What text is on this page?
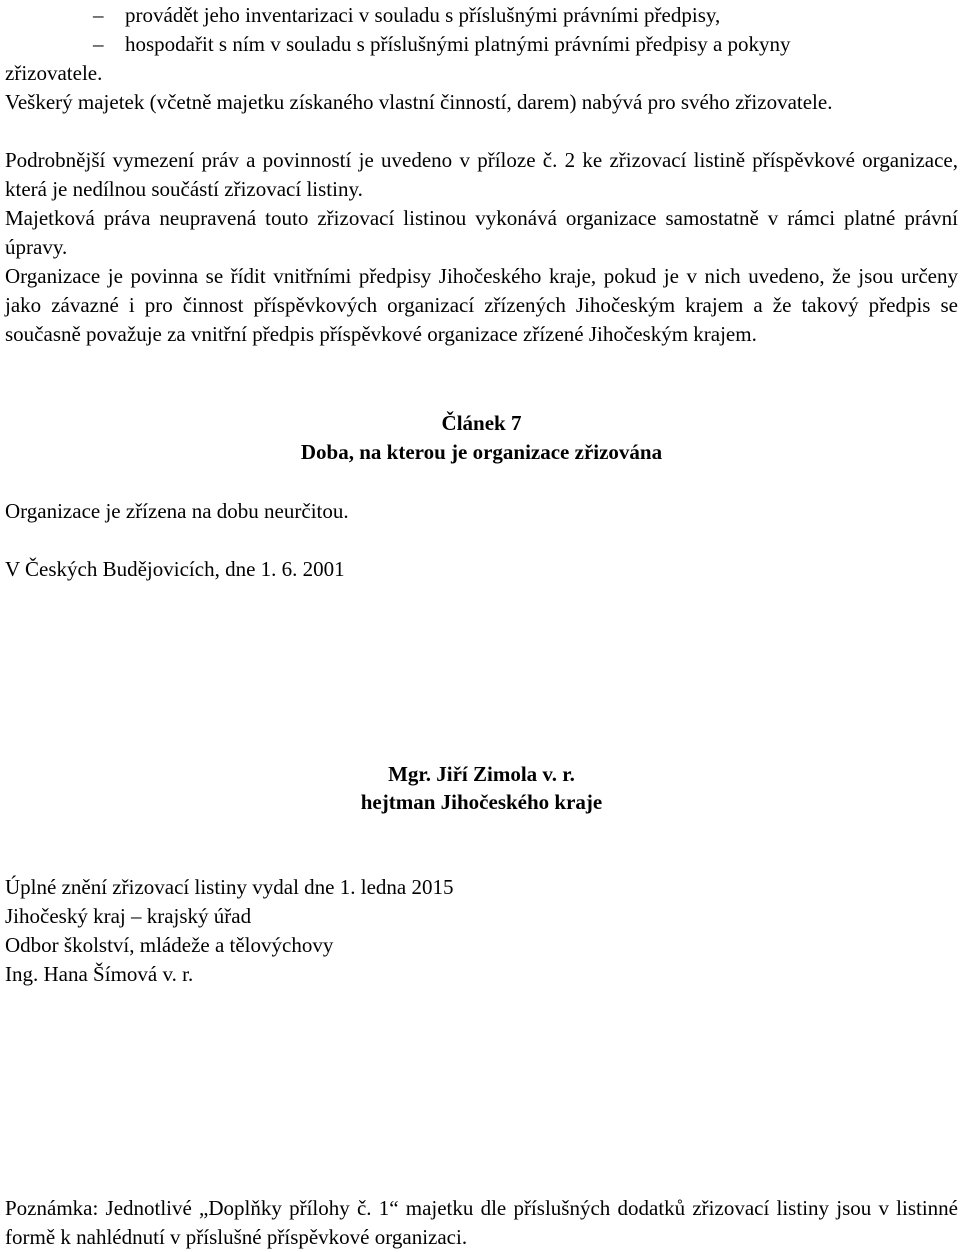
– provádět jeho inventarizaci v souladu s příslušnými právními předpisy,
– hospodařit s ním v souladu s příslušnými platnými právními předpisy a pokyny
zřizovatele.
Veškerý majetek (včetně majetku získaného vlastní činností, darem) nabývá pro svého zřizovatele.
Podrobnější vymezení práv a povinností je uvedeno v příloze č. 2 ke zřizovací listině příspěvkové organizace, která je nedílnou součástí zřizovací listiny.
Majetková práva neupravená touto zřizovací listinou vykonává organizace samostatně v rámci platné právní úpravy.
Organizace je povinna se řídit vnitřními předpisy Jihočeského kraje, pokud je v nich uvedeno, že jsou určeny jako závazné i pro činnost příspěvkových organizací zřízených Jihočeským krajem a že takový předpis se současně považuje za vnitřní předpis příspěvkové organizace zřízené Jihočeským krajem.
Článek 7
Doba, na kterou je organizace zřizována
Organizace je zřízena na dobu neurčitou.
V Českých Budějovicích, dne 1. 6. 2001
Mgr. Jiří Zimola v. r.
hejtman Jihočeského kraje
Úplné znění zřizovací listiny vydal dne 1. ledna 2015
Jihočeský kraj – krajský úřad
Odbor školství, mládeže a tělovýchovy
Ing. Hana Šímová v. r.
Poznámka: Jednotlivé „Doplňky přílohy č. 1“ majetku dle příslušných dodatků zřizovací listiny jsou v listinné formě k nahlédnutí v příslušné příspěvkové organizaci.
